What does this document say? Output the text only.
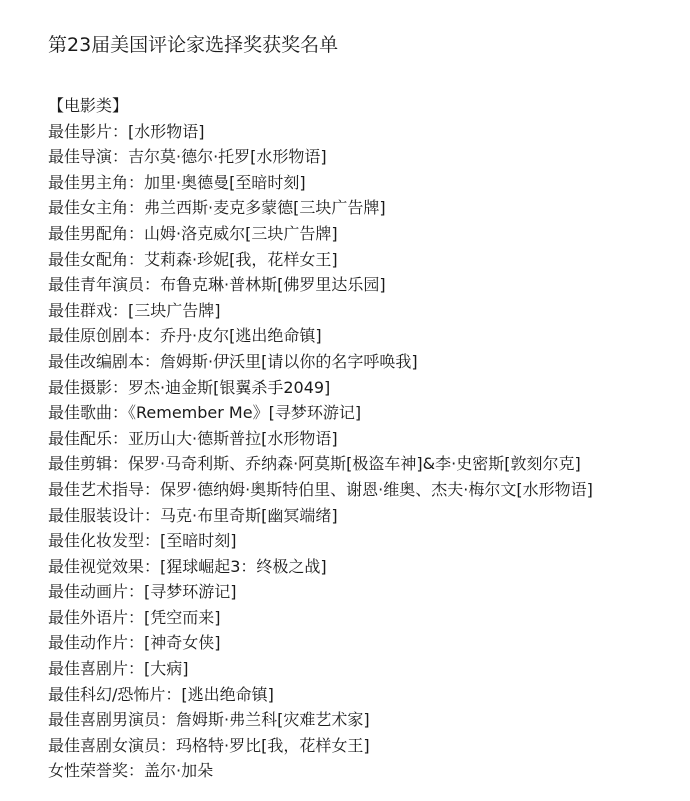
第23届美国评论家选择奖获奖名单
【电影类】
最佳影片：[水形物语]
最佳导演：吉尔莫·德尔·托罗[水形物语]
最佳男主角：加里·奥德曼[至暗时刻]
最佳女主角：弗兰西斯·麦克多蒙德[三块广告牌]
最佳男配角：山姆·洛克威尔[三块广告牌]
最佳女配角：艾莉森·珍妮[我，花样女王]
最佳青年演员：布鲁克琳·普林斯[佛罗里达乐园]
最佳群戏：[三块广告牌]
最佳原创剧本：乔丹·皮尔[逃出绝命镇]
最佳改编剧本：詹姆斯·伊沃里[请以你的名字呼唤我]
最佳摄影：罗杰·迪金斯[银翼杀手2049]
最佳歌曲：《Remember Me》[寻梦环游记]
最佳配乐：亚历山大·德斯普拉[水形物语]
最佳剪辑：保罗·马奇利斯、乔纳森·阿莫斯[极盗车神]&李·史密斯[敦刻尔克]
最佳艺术指导：保罗·德纳姆·奥斯特伯里、谢恩·维奥、杰夫·梅尔文[水形物语]
最佳服装设计：马克·布里奇斯[幽冥端绪]
最佳化妆发型：[至暗时刻]
最佳视觉效果：[猩球崛起3：终极之战]
最佳动画片：[寻梦环游记]
最佳外语片：[凭空而来]
最佳动作片：[神奇女侠]
最佳喜剧片：[大病]
最佳科幻/恐怖片：[逃出绝命镇]
最佳喜剧男演员：詹姆斯·弗兰科[灾难艺术家]
最佳喜剧女演员：玛格特·罗比[我，花样女王]
女性荣誉奖：盖尔·加朵
